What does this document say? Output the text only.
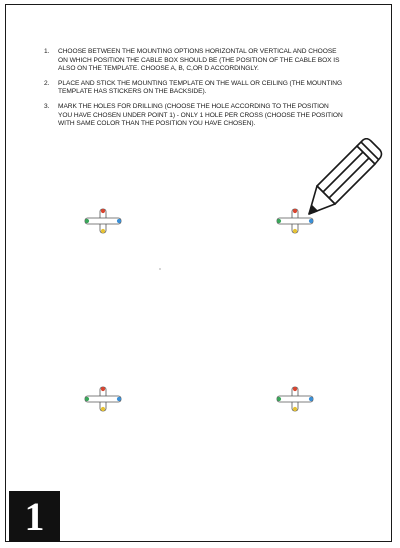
1. CHOOSE BETWEEN THE MOUNTING OPTIONS HORIZONTAL OR VERTICAL AND CHOOSE ON WHICH POSITION THE CABLE BOX SHOULD BE (THE POSITION OF THE CABLE BOX IS ALSO ON THE TEMPLATE. CHOOSE A, B, C,OR D ACCORDINGLY.
2. PLACE AND STICK THE MOUNTING TEMPLATE ON THE WALL OR CEILING (THE MOUNTING TEMPLATE HAS STICKERS ON THE BACKSIDE).
3. MARK THE HOLES FOR DRILLING (CHOOSE THE HOLE ACCORDING TO THE POSITION YOU HAVE CHOSEN UNDER POINT 1) - ONLY 1 HOLE PER CROSS (CHOOSE THE POSITION WITH SAME COLOR THAN THE POSITION YOU HAVE CHOSEN).
1
